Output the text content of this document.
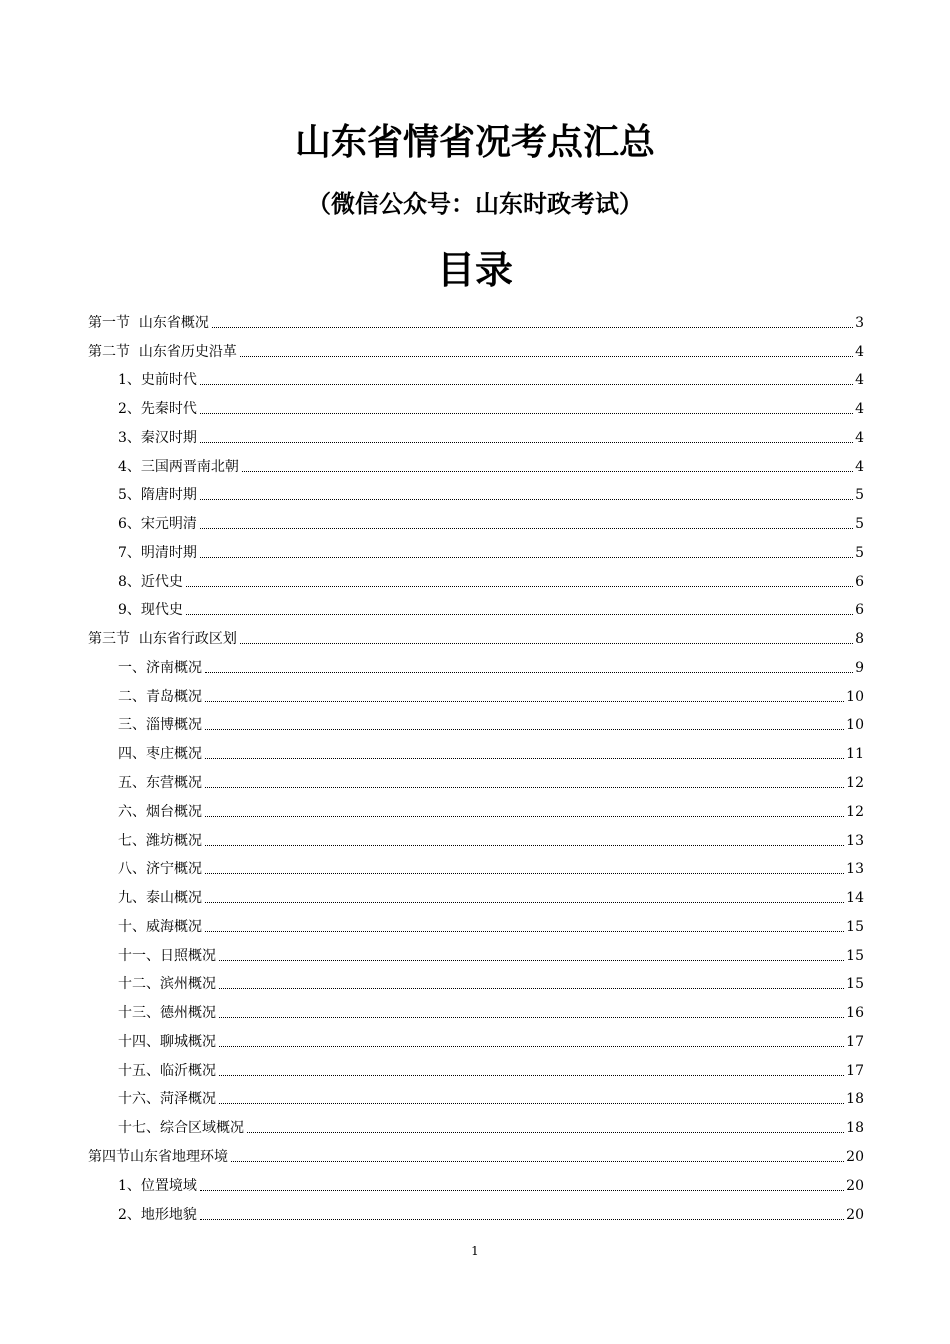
山东省情省况考点汇总
（微信公众号：山东时政考试）
目录
第一节  山东省概况	3
第二节  山东省历史沿革	4
1、史前时代	4
2、先秦时代	4
3、秦汉时期	4
4、三国两晋南北朝	4
5、隋唐时期	5
6、宋元明清	5
7、明清时期	5
8、近代史	6
9、现代史	6
第三节  山东省行政区划	8
一、济南概况	9
二、青岛概况	10
三、淄博概况	10
四、枣庄概况	11
五、东营概况	12
六、烟台概况	12
七、潍坊概况	13
八、济宁概况	13
九、泰山概况	14
十、威海概况	15
十一、日照概况	15
十二、滨州概况	15
十三、德州概况	16
十四、聊城概况	17
十五、临沂概况	17
十六、菏泽概况	18
十七、综合区域概况	18
第四节山东省地理环境	20
1、位置境域	20
2、地形地貌	20
1
